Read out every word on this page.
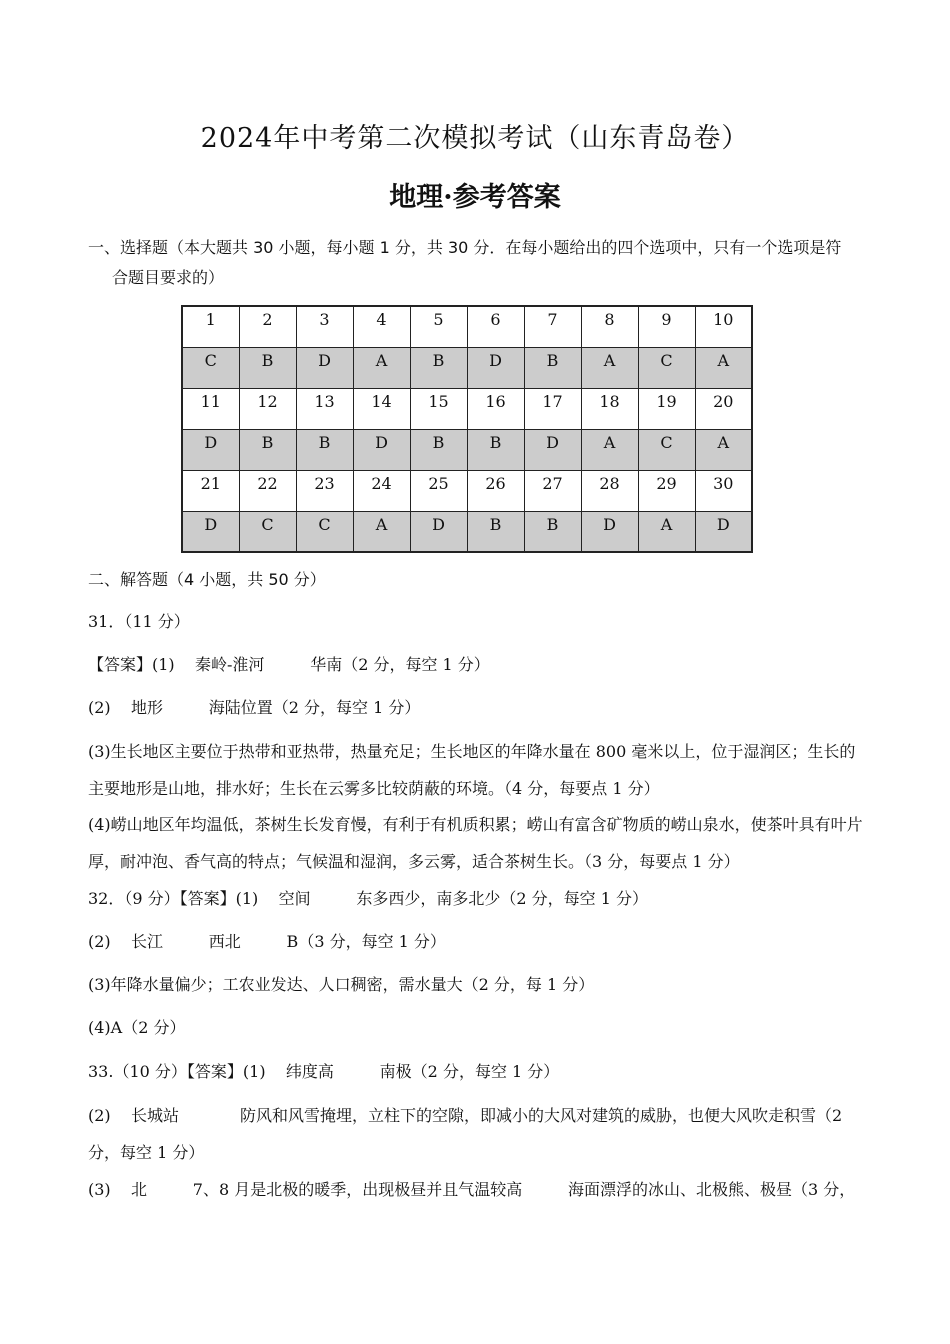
2024年中考第二次模拟考试（山东青岛卷）
地理·参考答案
一、选择题（本大题共 30 小题，每小题 1 分，共 30 分．在每小题给出的四个选项中，只有一个选项是符
合题目要求的）
1	2	3	4	5	6	7	8	9	10
C	B	D	A	B	D	B	A	C	A
11	12	13	14	15	16	17	18	19	20
D	B	B	D	B	B	D	A	C	A
21	22	23	24	25	26	27	28	29	30
D	C	C	A	D	B	B	D	A	D
二、解答题（4 小题，共 50 分）
31．（11 分）
【答案】(1)    秦岭-淮河         华南（2 分，每空 1 分）
(2)    地形         海陆位置（2 分，每空 1 分）
(3)生长地区主要位于热带和亚热带，热量充足；生长地区的年降水量在 800 毫米以上，位于湿润区；生长的主要地形是山地，排水好；生长在云雾多比较荫蔽的环境。（4 分，每要点 1 分）
(4)崂山地区年均温低，茶树生长发育慢，有利于有机质积累；崂山有富含矿物质的崂山泉水，使茶叶具有叶片厚，耐冲泡、香气高的特点；气候温和湿润，多云雾，适合茶树生长。（3 分，每要点 1 分）
32．（9 分）【答案】(1)    空间         东多西少，南多北少（2 分，每空 1 分）
(2)    长江         西北         B（3 分，每空 1 分）
(3)年降水量偏少；工农业发达、人口稠密，需水量大（2 分，每 1 分）
(4)A（2 分）
33.（10 分）【答案】(1)    纬度高         南极（2 分，每空 1 分）
(2)    长城站            防风和风雪掩埋，立柱下的空隙，即减小的大风对建筑的威胁，也便大风吹走积雪（2 分，每空 1 分）
(3)    北         7、8 月是北极的暖季，出现极昼并且气温较高         海面漂浮的冰山、北极熊、极昼（3 分，
